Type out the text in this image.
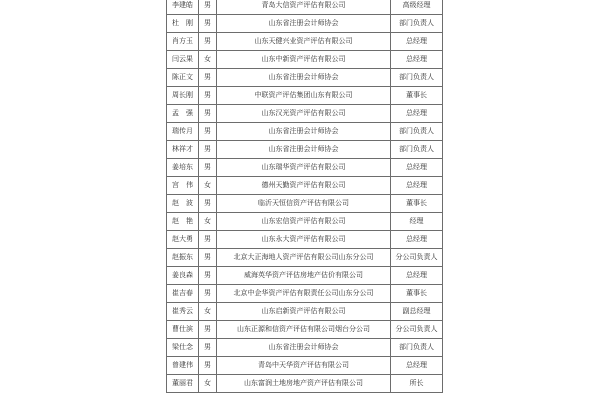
李建皓	男	青岛大信资产评估有限公司	高级经理
杜　刚	男	山东省注册会计师协会	部门负责人
肖方玉	男	山东天健兴业资产评估有限公司	总经理
闫云果	女	山东中新资产评估有限公司	总经理
陈正文	男	山东省注册会计师协会	部门负责人
周长刚	男	中联资产评估集团山东有限公司	董事长
孟　强	男	山东汉光资产评估有限公司	总经理
瑞传月	男	山东省注册会计师协会	部门负责人
林祥才	男	山东省注册会计师协会	部门负责人
姜培东	男	山东瑞华资产评估有限公司	总经理
宫　伟	女	德州天勤资产评估有限公司	总经理
赵　波	男	临沂天恒信资产评估有限公司	董事长
赵　艳	女	山东宏信资产评估有限公司	经理
赵大勇	男	山东永大资产评估有限公司	总经理
赵振东	男	北京大正海地人资产评估有限公司山东分公司	分公司负责人
姜良森	男	威海英华资产评估房地产估价有限公司	总经理
崔吉春	男	北京中企华资产评估有限责任公司山东分公司	董事长
崔秀云	女	山东启新资产评估有限公司	副总经理
曹仕滨	男	山东正源和信资产评估有限公司烟台分公司	分公司负责人
梁仕念	男	山东省注册会计师协会	部门负责人
曾建伟	男	青岛中天华资产评估有限公司	总经理
董丽君	女	山东富润土地房地产资产评估有限公司	所长
